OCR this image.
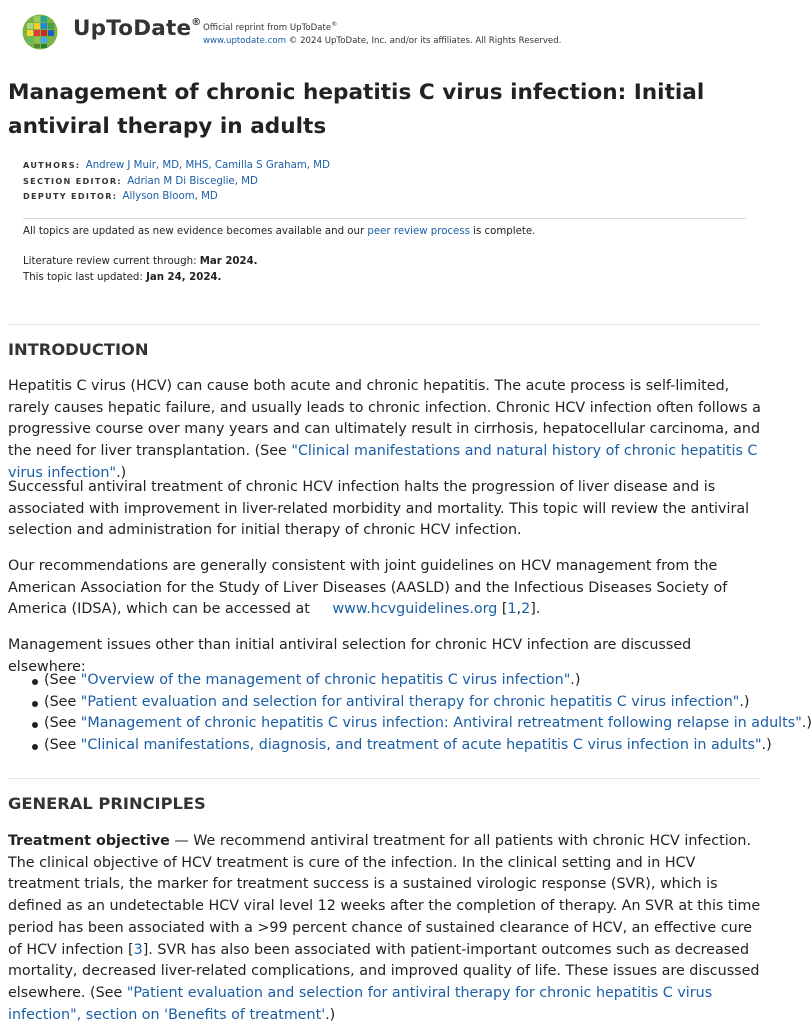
UpToDate®
Official reprint from UpToDate®
www.uptodate.com © 2024 UpToDate, Inc. and/or its affiliates. All Rights Reserved.
Management of chronic hepatitis C virus infection: Initial antiviral therapy in adults
AUTHORS: Andrew J Muir, MD, MHS, Camilla S Graham, MD
SECTION EDITOR: Adrian M Di Bisceglie, MD
DEPUTY EDITOR: Allyson Bloom, MD
All topics are updated as new evidence becomes available and our peer review process is complete.
Literature review current through: Mar 2024.
This topic last updated: Jan 24, 2024.
INTRODUCTION

Hepatitis C virus (HCV) can cause both acute and chronic hepatitis. The acute process is self-limited, rarely causes hepatic failure, and usually leads to chronic infection. Chronic HCV infection often follows a progressive course over many years and can ultimately result in cirrhosis, hepatocellular carcinoma, and the need for liver transplantation. (See "Clinical manifestations and natural history of chronic hepatitis C virus infection".)

Successful antiviral treatment of chronic HCV infection halts the progression of liver disease and is associated with improvement in liver-related morbidity and mortality. This topic will review the antiviral selection and administration for initial therapy of chronic HCV infection.

Our recommendations are generally consistent with joint guidelines on HCV management from the American Association for the Study of Liver Diseases (AASLD) and the Infectious Diseases Society of America (IDSA), which can be accessed at www.hcvguidelines.org [1,2].

Management issues other than initial antiviral selection for chronic HCV infection are discussed elsewhere:

(See "Overview of the management of chronic hepatitis C virus infection".)
(See "Patient evaluation and selection for antiviral therapy for chronic hepatitis C virus infection".)
(See "Management of chronic hepatitis C virus infection: Antiviral retreatment following relapse in adults".)
(See "Clinical manifestations, diagnosis, and treatment of acute hepatitis C virus infection in adults".)
GENERAL PRINCIPLES

Treatment objective — We recommend antiviral treatment for all patients with chronic HCV infection. The clinical objective of HCV treatment is cure of the infection. In the clinical setting and in HCV treatment trials, the marker for treatment success is a sustained virologic response (SVR), which is defined as an undetectable HCV viral level 12 weeks after the completion of therapy. An SVR at this time period has been associated with a >99 percent chance of sustained clearance of HCV, an effective cure of HCV infection [3]. SVR has also been associated with patient-important outcomes such as decreased mortality, decreased liver-related complications, and improved quality of life. These issues are discussed elsewhere. (See "Patient evaluation and selection for antiviral therapy for chronic hepatitis C virus infection", section on 'Benefits of treatment'.)
